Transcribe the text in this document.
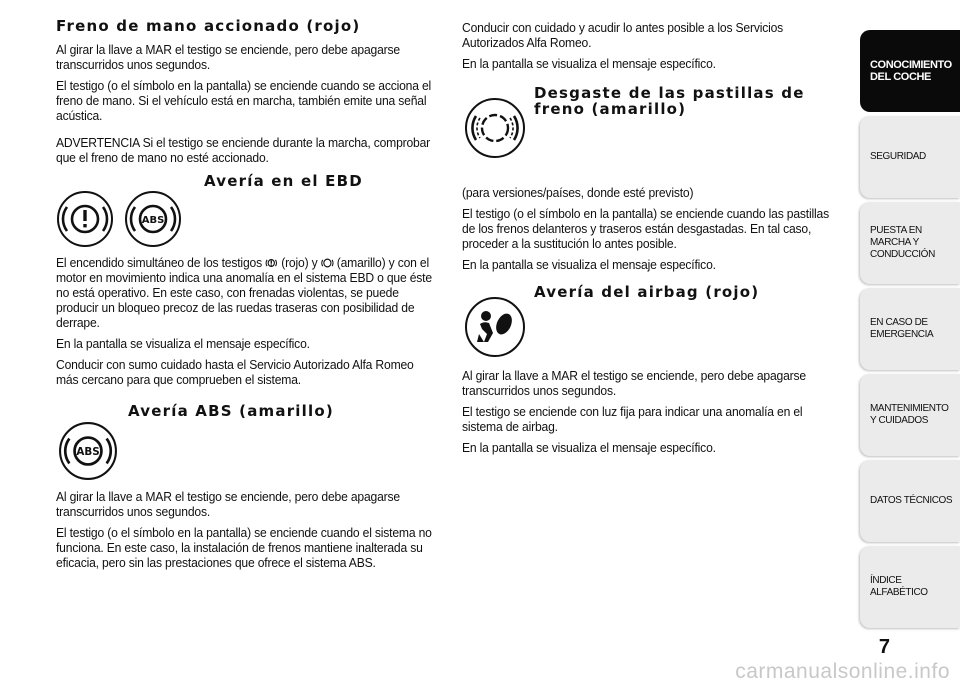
Freno de mano accionado (rojo)

Al girar la llave a MAR el testigo se enciende, pero debe apagarse transcurridos unos segundos.

El testigo (o el símbolo en la pantalla) se enciende cuando se acciona el freno de mano. Si el vehículo está en marcha, también emite una señal acústica.

ADVERTENCIA Si el testigo se enciende durante la marcha, comprobar que el freno de mano no esté accionado.

Avería en el EBD
ABS

El encendido simultáneo de los testigos (rojo) y (amarillo) y con el motor en movimiento indica una anomalía en el sistema EBD o que éste no está operativo. En este caso, con frenadas violentas, se puede producir un bloqueo precoz de las ruedas traseras con posibilidad de derrape.

En la pantalla se visualiza el mensaje específico.

Conducir con sumo cuidado hasta el Servicio Autorizado Alfa Romeo más cercano para que comprueben el sistema.

Avería ABS (amarillo)
ABS

Al girar la llave a MAR el testigo se enciende, pero debe apagarse transcurridos unos segundos.

El testigo (o el símbolo en la pantalla) se enciende cuando el sistema no funciona. En este caso, la instalación de frenos mantiene inalterada su eficacia, pero sin las prestaciones que ofrece el sistema ABS.

Conducir con cuidado y acudir lo antes posible a los Servicios Autorizados Alfa Romeo.

En la pantalla se visualiza el mensaje específico.

Desgaste de las pastillas de freno (amarillo)

(para versiones/países, donde esté previsto)

El testigo (o el símbolo en la pantalla) se enciende cuando las pastillas de los frenos delanteros y traseros están desgastadas. En tal caso, proceder a la sustitución lo antes posible.

En la pantalla se visualiza el mensaje específico.

Avería del airbag (rojo)

Al girar la llave a MAR el testigo se enciende, pero debe apagarse transcurridos unos segundos.

El testigo se enciende con luz fija para indicar una anomalía en el sistema de airbag.

En la pantalla se visualiza el mensaje específico.

CONOCIMIENTO DEL COCHE
SEGURIDAD
PUESTA EN MARCHA Y CONDUCCIÓN
EN CASO DE EMERGENCIA
MANTENIMIENTO Y CUIDADOS
DATOS TÉCNICOS
ÍNDICE ALFABÉTICO
7
carmanualsonline.info
